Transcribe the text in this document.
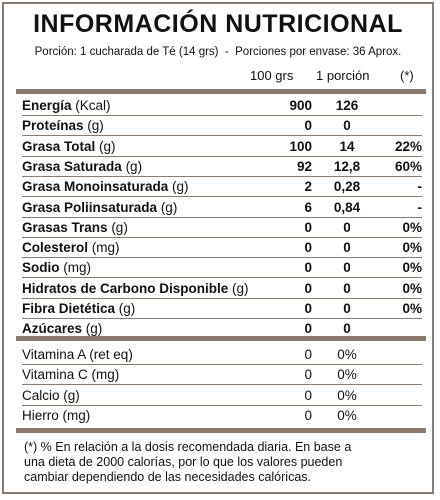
INFORMACIÓN NUTRICIONAL
Porción: 1 cucharada de Té (14 grs) - Porciones por envase: 36 Aprox.
100 grs 1 porción (*)
Energía (Kcal)	900	126
Proteínas (g)	0	0
Grasa Total (g)	100	14	22%
Grasa Saturada (g)	92	12,8	60%
Grasa Monoinsaturada (g)	2	0,28	-
Grasa Poliinsaturada (g)	6	0,84	-
Grasas Trans (g)	0	0	0%
Colesterol (mg)	0	0	0%
Sodio (mg)	0	0	0%
Hidratos de Carbono Disponible (g)	0	0	0%
Fibra Dietética (g)	0	0	0%
Azúcares (g)	0	0
Vitamina A (ret eq)	0	0%
Vitamina C (mg)	0	0%
Calcio (g)	0	0%
Hierro (mg)	0	0%
(*) % En relación a la dosis recomendada diaria. En base a
una dieta de 2000 calorías, por lo que los valores pueden
cambiar dependiendo de las necesidades calóricas.
